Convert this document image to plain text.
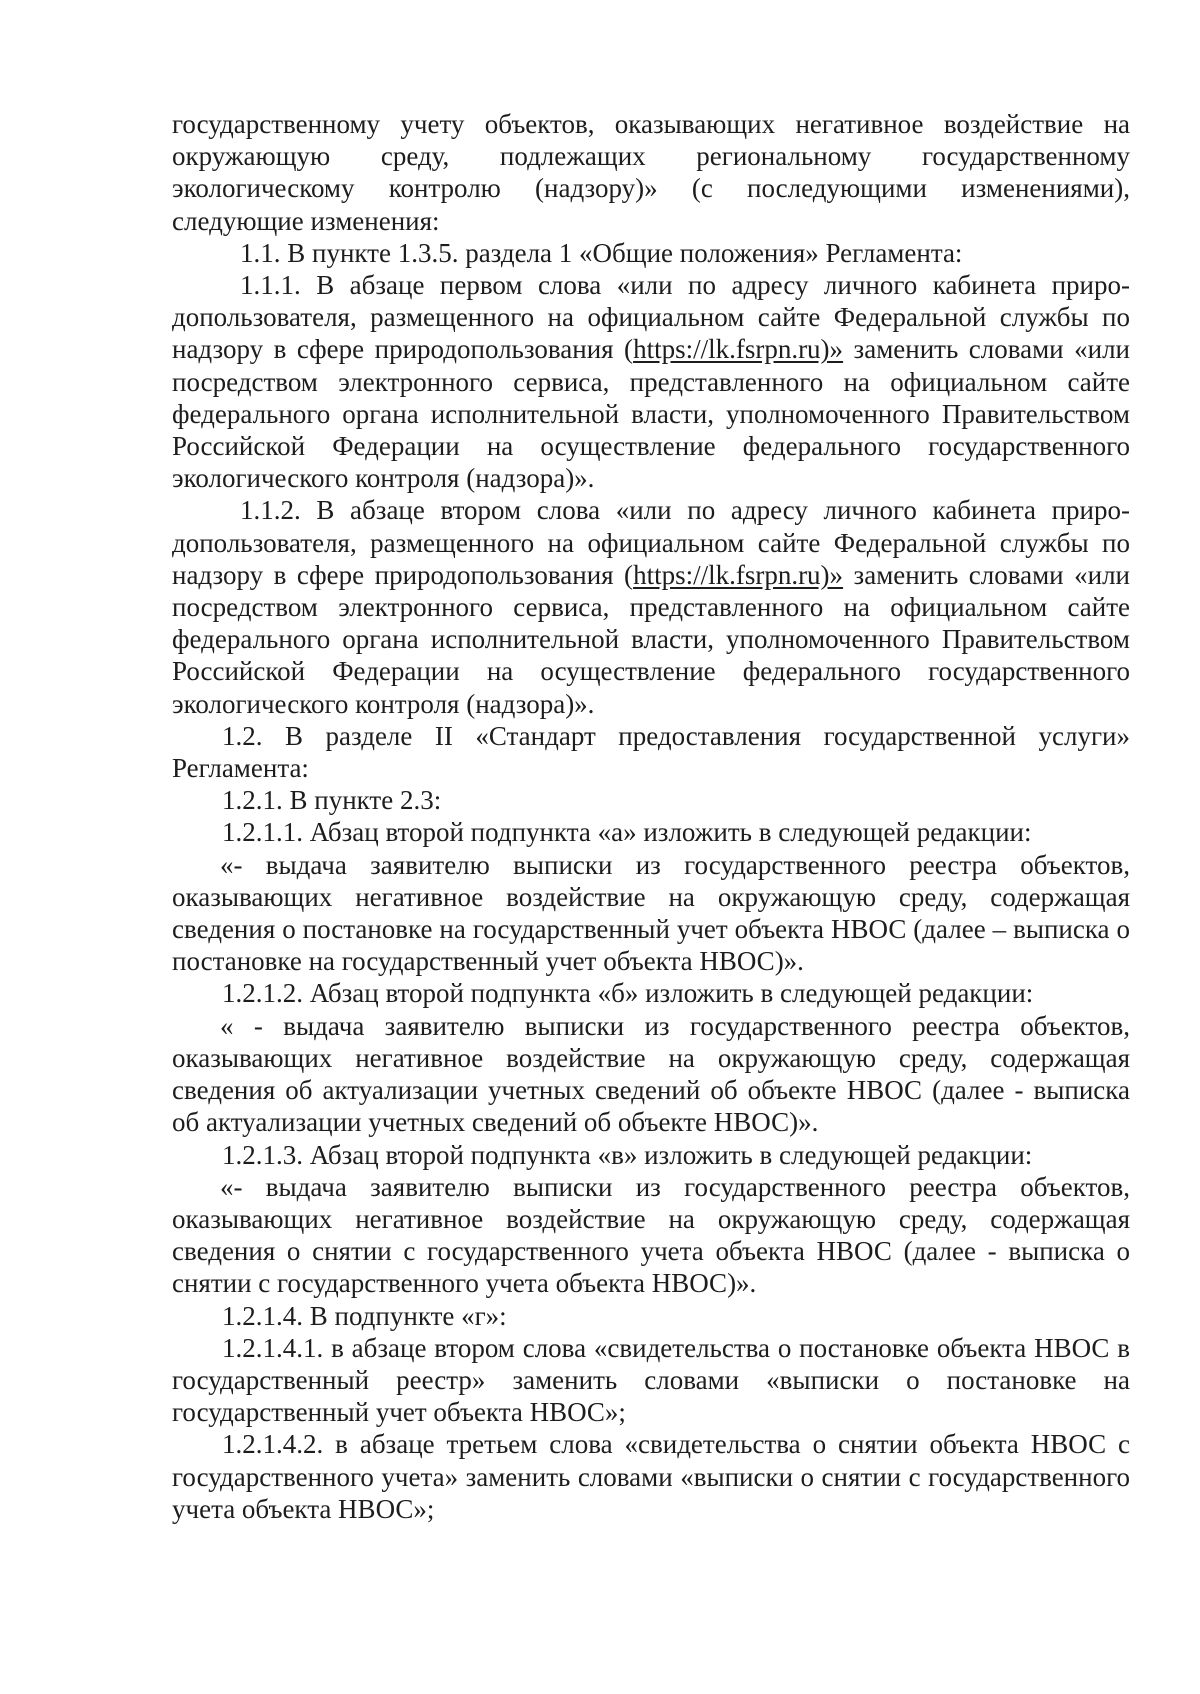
государственному учету объектов, оказывающих негативное воздействие на окружающую среду, подлежащих региональному государственному экологическому контролю (надзору)» (с последующими изменениями), следующие изменения:

1.1. В пункте 1.3.5. раздела 1 «Общие положения» Регламента:

1.1.1. В абзаце первом слова «или по адресу личного кабинета природопользователя, размещенного на официальном сайте Федеральной службы по надзору в сфере природопользования (https://lk.fsrpn.ru)» заменить словами «или посредством электронного сервиса, представленного на официальном сайте федерального органа исполнительной власти, уполномоченного Правительством Российской Федерации на осуществление федерального государственного экологического контроля (надзора)».

1.1.2. В абзаце втором слова «или по адресу личного кабинета природопользователя, размещенного на официальном сайте Федеральной службы по надзору в сфере природопользования (https://lk.fsrpn.ru)» заменить словами «или посредством электронного сервиса, представленного на официальном сайте федерального органа исполнительной власти, уполномоченного Правительством Российской Федерации на осуществление федерального государственного экологического контроля (надзора)».

1.2. В разделе II «Стандарт предоставления государственной услуги» Регламента:

1.2.1. В пункте 2.3:

1.2.1.1. Абзац второй подпункта «а» изложить в следующей редакции:

«- выдача заявителю выписки из государственного реестра объектов, оказывающих негативное воздействие на окружающую среду, содержащая сведения о постановке на государственный учет объекта НВОС (далее – выписка о постановке на государственный учет объекта НВОС)».

1.2.1.2. Абзац второй подпункта «б» изложить в следующей редакции:

« - выдача заявителю выписки из государственного реестра объектов, оказывающих негативное воздействие на окружающую среду, содержащая сведения об актуализации учетных сведений об объекте НВОС (далее - выписка об актуализации учетных сведений об объекте НВОС)».

1.2.1.3. Абзац второй подпункта «в» изложить в следующей редакции:

«- выдача заявителю выписки из государственного реестра объектов, оказывающих негативное воздействие на окружающую среду, содержащая сведения о снятии с государственного учета объекта НВОС (далее - выписка о снятии с государственного учета объекта НВОС)».

1.2.1.4. В подпункте «г»:

1.2.1.4.1. в абзаце втором слова «свидетельства о постановке объекта НВОС в государственный реестр» заменить словами «выписки о постановке на государственный учет объекта НВОС»;

1.2.1.4.2. в абзаце третьем слова «свидетельства о снятии объекта НВОС с государственного учета» заменить словами «выписки о снятии с государственного учета объекта НВОС»;
